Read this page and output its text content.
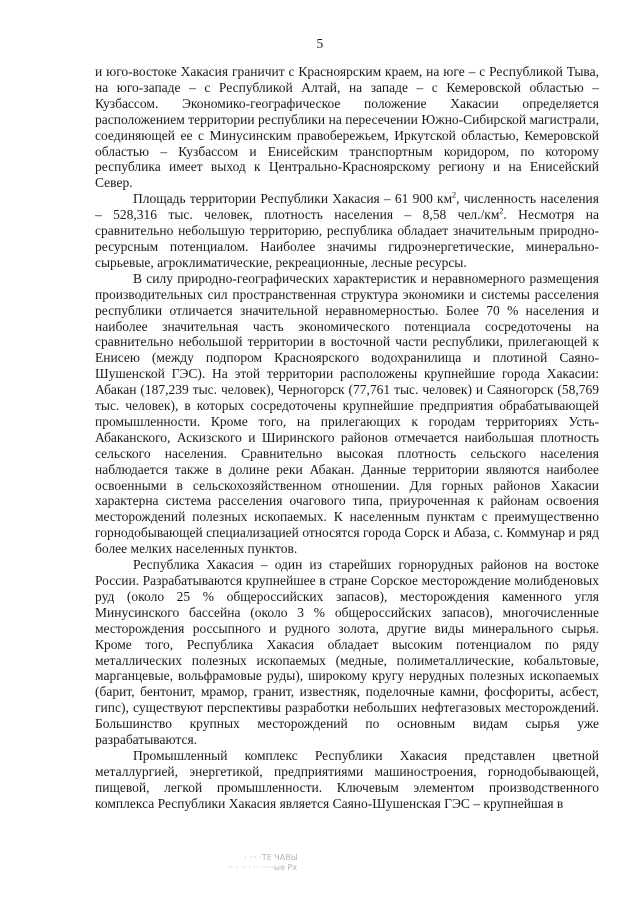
5

и юго-востоке Хакасия граничит с Красноярским краем, на юге – с Республикой Тыва, на юго-западе – с Республикой Алтай, на западе – с Кемеровской областью – Кузбассом. Экономико-географическое положение Хакасии определяется расположением территории республики на пересечении Южно-Сибирской магистрали, соединяющей ее с Минусинским правобережьем, Иркутской областью, Кемеровской областью – Кузбассом и Енисейским транспортным коридором, по которому республика имеет выход к Центрально-Красноярскому региону и на Енисейский Север.

Площадь территории Республики Хакасия – 61 900 $км^2$, численность населения – 528,316 тыс. человек, плотность населения – 8,58 $чел./км^2$. Несмотря на сравнительно небольшую территорию, республика обладает значительным природно-ресурсным потенциалом. Наиболее значимы гидроэнергетические, минерально-сырьевые, агроклиматические, рекреационные, лесные ресурсы.

В силу природно-географических характеристик и неравномерного размещения производительных сил пространственная структура экономики и системы расселения республики отличается значительной неравномерностью. Более 70 % населения и наиболее значительная часть экономического потенциала сосредоточены на сравнительно небольшой территории в восточной части республики, прилегающей к Енисею (между подпором Красноярского водохранилища и плотиной Саяно-Шушенской ГЭС). На этой территории расположены крупнейшие города Хакасии: Абакан (187,239 тыс. человек), Черногорск (77,761 тыс. человек) и Саяногорск (58,769 тыс. человек), в которых сосредоточены крупнейшие предприятия обрабатывающей промышленности. Кроме того, на прилегающих к городам территориях Усть-Абаканского, Аскизского и Ширинского районов отмечается наибольшая плотность сельского населения. Сравнительно высокая плотность сельского населения наблюдается также в долине реки Абакан. Данные территории являются наиболее освоенными в сельскохозяйственном отношении. Для горных районов Хакасии характерна система расселения очагового типа, приуроченная к районам освоения месторождений полезных ископаемых. К населенным пунктам с преимущественно горнодобывающей специализацией относятся города Сорск и Абаза, с. Коммунар и ряд более мелких населенных пунктов.

Республика Хакасия – один из старейших горнорудных районов на востоке России. Разрабатываются крупнейшее в стране Сорское месторождение молибденовых руд (около 25 % общероссийских запасов), месторождения каменного угля Минусинского бассейна (около 3 % общероссийских запасов), многочисленные месторождения россыпного и рудного золота, другие виды минерального сырья. Кроме того, Республика Хакасия обладает высоким потенциалом по ряду металлических полезных ископаемых (медные, полиметаллические, кобальтовые, марганцевые, вольфрамовые руды), широкому кругу нерудных полезных ископаемых (барит, бентонит, мрамор, гранит, известняк, поделочные камни, фосфориты, асбест, гипс), существуют перспективы разработки небольших нефтегазовых месторождений. Большинство крупных месторождений по основным видам сырья уже разрабатываются.

Промышленный комплекс Республики Хакасия представлен цветной металлургией, энергетикой, предприятиями машиностроения, горнодобывающей, пищевой, легкой промышленности. Ключевым элементом производственного комплекса Республики Хакасия является Саяно-Шушенская ГЭС – крупнейшая в

· ··· ·ТЕ ЧАВЫ
·· · ·· · ·· ·····ые Рх
